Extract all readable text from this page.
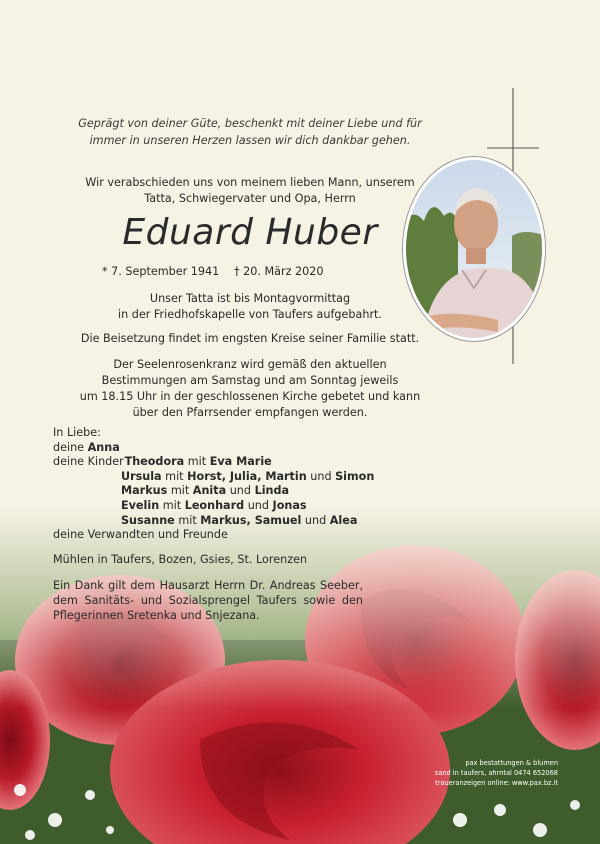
Geprägt von deiner Güte, beschenkt mit deiner Liebe und für
immer in unseren Herzen lassen wir dich dankbar gehen.
Wir verabschieden uns von meinem lieben Mann, unserem
Tatta, Schwiegervater und Opa, Herrn
Eduard Huber
* 7. September 1941 † 20. März 2020
Unser Tatta ist bis Montagvormittag
in der Friedhofskapelle von Taufers aufgebahrt.
Die Beisetzung findet im engsten Kreise seiner Familie statt.
Der Seelenrosenkranz wird gemäß den aktuellen
Bestimmungen am Samstag und am Sonntag jeweils
um 18.15 Uhr in der geschlossenen Kirche gebetet und kann
über den Pfarrsender empfangen werden.
In Liebe:
deine Anna
deine Kinder Theodora mit Eva Marie
Ursula mit Horst, Julia, Martin und Simon
Markus mit Anita und Linda
Evelin mit Leonhard und Jonas
Susanne mit Markus, Samuel und Alea
deine Verwandten und Freunde
Mühlen in Taufers, Bozen, Gsies, St. Lorenzen
Ein Dank gilt dem Hausarzt Herrn Dr. Andreas Seeber, dem Sanitäts- und Sozialsprengel Taufers sowie den Pflegerinnen Sretenka und Snjezana.
pax bestattungen & blumen
sand in taufers, ahrntal 0474 652068
traueranzeigen online: www.pax.bz.it
